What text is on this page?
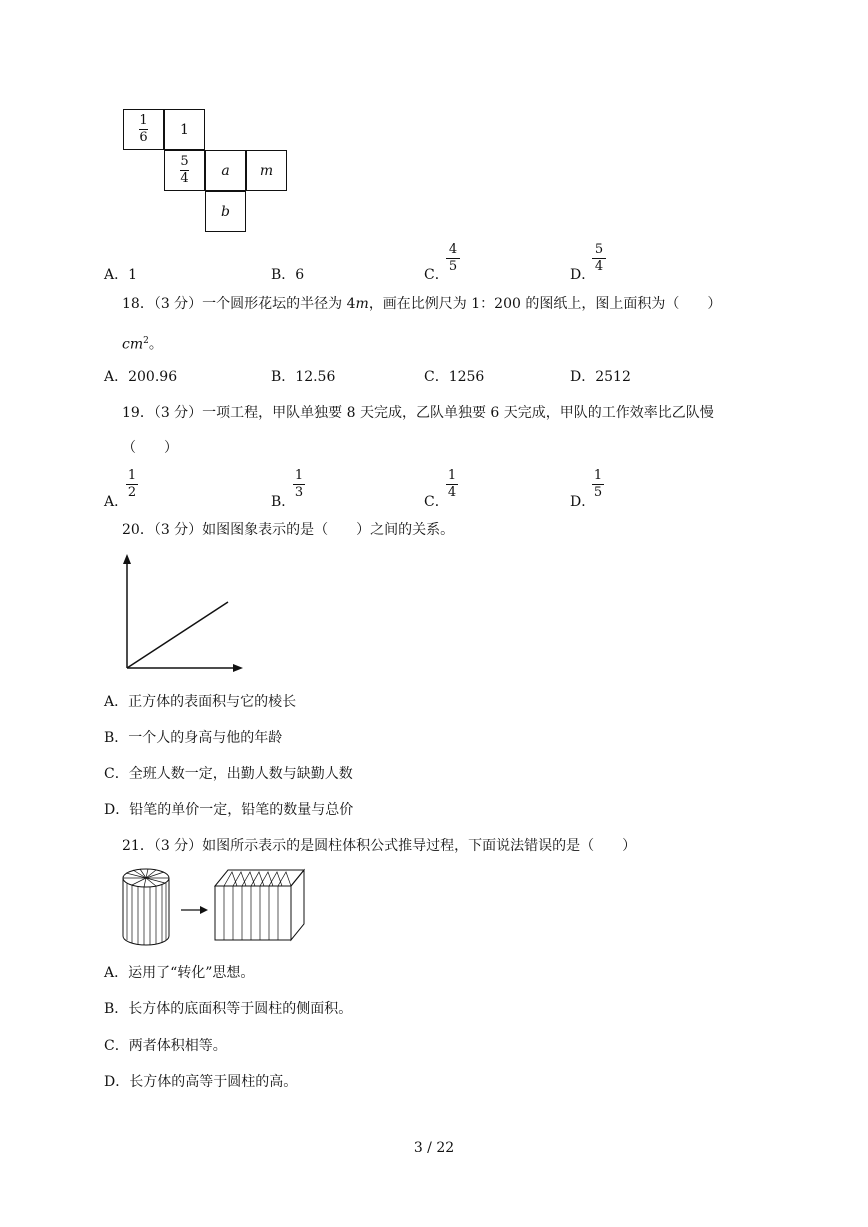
$\frac{1}{6} 1$
$\frac{5}{4}$ a m
b
A．1	B．6	C．
4
5
D．
5
4
18．（3 分）一个圆形花坛的半径为 4m，画在比例尺为 1：200 的图纸上，图上面积为（　　）
$cm^2$。
A．200.96	B．12.56	C．1256	D．2512
19．（3 分）一项工程，甲队单独要 8 天完成，乙队单独要 6 天完成，甲队的工作效率比乙队慢
（　　）
A．
1
2
B．
1
3
C．
1
4
D．
1
5
20．（3 分）如图图象表示的是（　　）之间的关系。
A．正方体的表面积与它的棱长
B．一个人的身高与他的年龄
C．全班人数一定，出勤人数与缺勤人数
D．铅笔的单价一定，铅笔的数量与总价
21．（3 分）如图所示表示的是圆柱体积公式推导过程，下面说法错误的是（　　）
A．运用了“转化”思想。
B．长方体的底面积等于圆柱的侧面积。
C．两者体积相等。
D．长方体的高等于圆柱的高。
3 / 22
